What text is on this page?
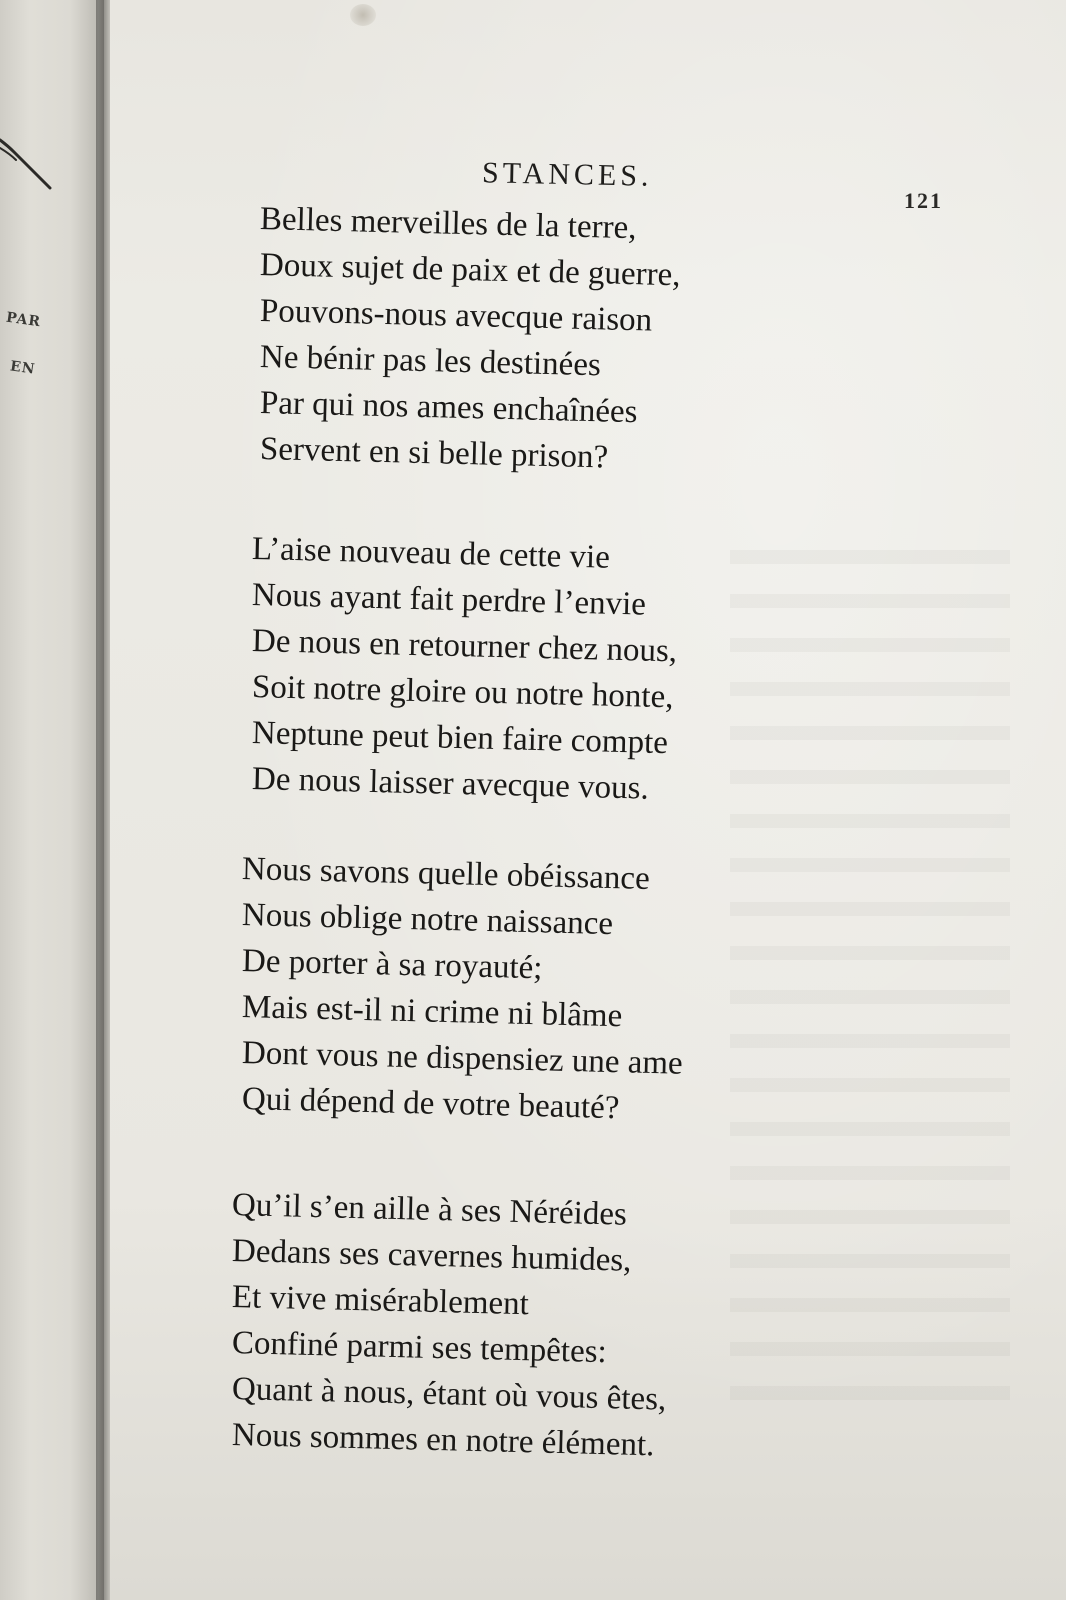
PAR
EN
STANCES.
121
Belles merveilles de la terre,
Doux sujet de paix et de guerre,
Pouvons-nous avecque raison
Ne bénir pas les destinées
Par qui nos ames enchaînées
Servent en si belle prison?
L’aise nouveau de cette vie
Nous ayant fait perdre l’envie
De nous en retourner chez nous,
Soit notre gloire ou notre honte,
Neptune peut bien faire compte
De nous laisser avecque vous.
Nous savons quelle obéissance
Nous oblige notre naissance
De porter à sa royauté;
Mais est-il ni crime ni blâme
Dont vous ne dispensiez une ame
Qui dépend de votre beauté?
Qu’il s’en aille à ses Néréides
Dedans ses cavernes humides,
Et vive misérablement
Confiné parmi ses tempêtes:
Quant à nous, étant où vous êtes,
Nous sommes en notre élément.
